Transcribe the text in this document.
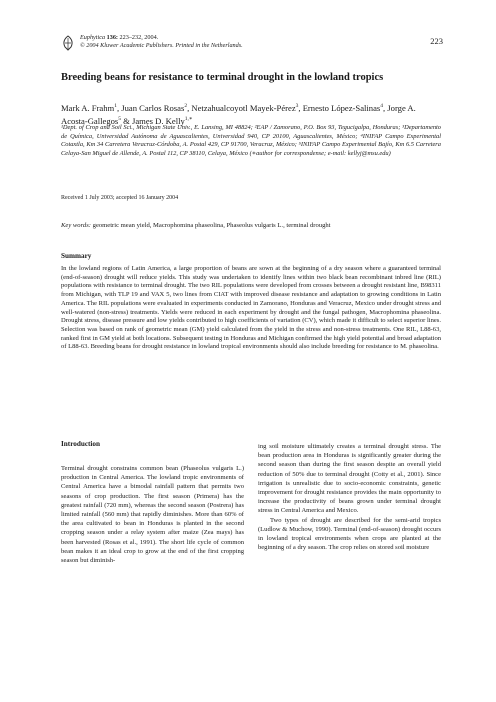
Euphytica 136: 223–232, 2004.
© 2004 Kluwer Academic Publishers. Printed in the Netherlands.	223
Breeding beans for resistance to terminal drought in the lowland tropics
Mark A. Frahm$^1$, Juan Carlos Rosas$^2$, Netzahualcoyotl Mayek-Pérez$^3$, Ernesto López-Salinas$^4$, Jorge A. Acosta-Gallegos$^5$ & James D. Kelly$^{1,∗}$
¹Dept. of Crop and Soil Sci., Michigan State Univ., E. Lansing, MI 48824; ²EAP / Zamorano, P.O. Box 93, Tegucigalpa, Honduras; ³Departamento de Química, Universidad Autónoma de Aguascalientes, Universidad 940, CP 20100, Aguascalientes, México; ⁴INIFAP Campo Experimental Cotaxtla, Km 34 Carretera Veracruz-Córdoba, A. Postal 429, CP 91700, Veracruz, México; ⁵INIFAP Campo Experimental Bajío, Km 6.5 Carretera Celaya-San Miguel de Allende, A. Postal 112, CP 38110, Celaya, México (∗author for correspondense; e-mail: kellyj@msu.edu)
Received 1 July 2003; accepted 16 January 2004
Key words: geometric mean yield, Macrophomina phaseolina, Phaseolus vulgaris L., terminal drought
Summary

In the lowland regions of Latin America, a large proportion of beans are sown at the beginning of a dry season where a guaranteed terminal (end-of-season) drought will reduce yields. This study was undertaken to identify lines within two black bean recombinant inbred line (RIL) populations with resistance to terminal drought. The two RIL populations were developed from crosses between a drought resistant line, B98311 from Michigan, with TLP 19 and VAX 5, two lines from CIAT with improved disease resistance and adaptation to growing conditions in Latin America. The RIL populations were evaluated in experiments conducted in Zamorano, Honduras and Veracruz, Mexico under drought stress and well-watered (non-stress) treatments. Yields were reduced in each experiment by drought and the fungal pathogen, Macrophomina phaseolina. Drought stress, disease pressure and low yields contributed to high coefficients of variation (CV), which made it difficult to select superior lines. Selection was based on rank of geometric mean (GM) yield calculated from the yield in the stress and non-stress treatments. One RIL, L88-63, ranked first in GM yield at both locations. Subsequent testing in Honduras and Michigan confirmed the high yield potential and broad adaptation of L88-63. Breeding beans for drought resistance in lowland tropical environments should also include breeding for resistance to M. phaseolina.

Introduction

Terminal drought constrains common bean (Phaseolus vulgaris L.) production in Central America. The lowland tropic environments of Central America have a bimodal rainfall pattern that permits two seasons of crop production. The first season (Primera) has the greatest rainfall (720 mm), whereas the second season (Postrera) has limited rainfall (560 mm) that rapidly diminishes. More than 60% of the area cultivated to bean in Honduras is planted in the second cropping season under a relay system after maize (Zea mays) has been harvested (Rosas et al., 1991). The short life cycle of common bean makes it an ideal crop to grow at the end of the first cropping season but diminish-

ing soil moisture ultimately creates a terminal drought stress. The bean production area in Honduras is significantly greater during the second season than during the first season despite an overall yield reduction of 50% due to terminal drought (Cotty et al., 2001). Since irrigation is unrealistic due to socio-economic constraints, genetic improvement for drought resistance provides the main opportunity to increase the productivity of beans grown under terminal drought stress in Central America and Mexico.

Two types of drought are described for the semi-arid tropics (Ludlow & Muchow, 1990). Terminal (end-of-season) drought occurs in lowland tropical environments when crops are planted at the beginning of a dry season. The crop relies on stored soil moisture
